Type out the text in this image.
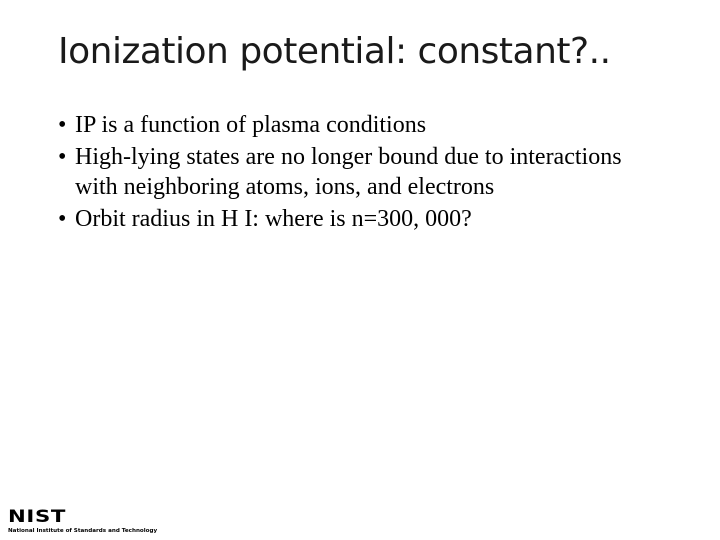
Ionization potential: constant?..
• IP is a function of plasma conditions
• High-lying states are no longer bound due to interactions with neighboring atoms, ions, and electrons
• Orbit radius in H I: where is n=300, 000?
NIST
National Institute of Standards and Technology
